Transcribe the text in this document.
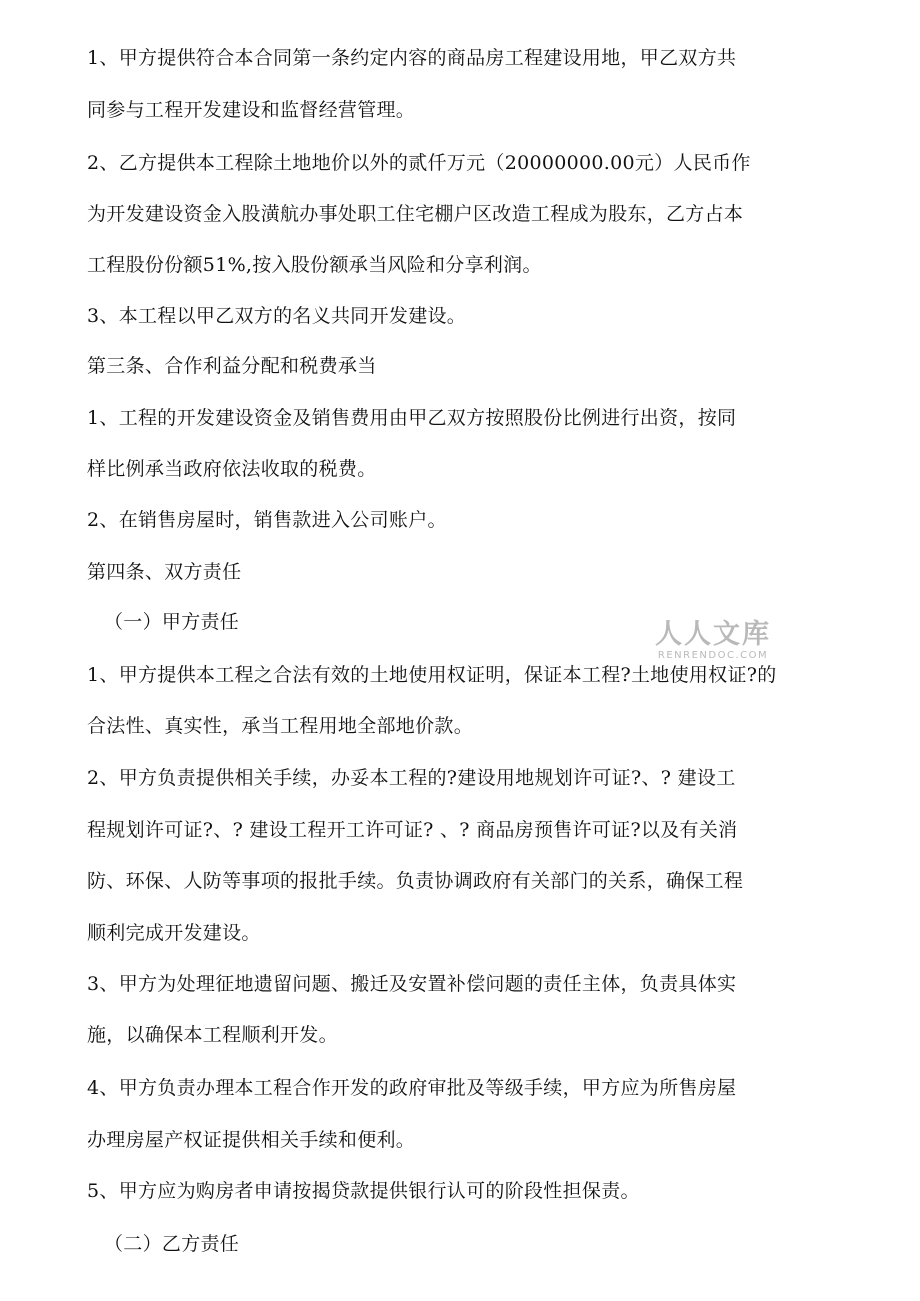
1、甲方提供符合本合同第一条约定内容的商品房工程建设用地，甲乙双方共
同参与工程开发建设和监督经营管理。
2、乙方提供本工程除土地地价以外的贰仟万元（20000000.00元）人民币作
为开发建设资金入股潢航办事处职工住宅棚户区改造工程成为股东，乙方占本
工程股份份额51%,按入股份额承当风险和分享利润。
3、本工程以甲乙双方的名义共同开发建设。
第三条、合作利益分配和税费承当
1、工程的开发建设资金及销售费用由甲乙双方按照股份比例进行出资，按同
样比例承当政府依法收取的税费。
2、在销售房屋时，销售款进入公司账户。
第四条、双方责任
（一）甲方责任
1、甲方提供本工程之合法有效的土地使用权证明，保证本工程?土地使用权证?的
合法性、真实性，承当工程用地全部地价款。
2、甲方负责提供相关手续，办妥本工程的?建设用地规划许可证?、? 建设工
程规划许可证?、? 建设工程开工许可证? 、? 商品房预售许可证?以及有关消
防、环保、人防等事项的报批手续。负责协调政府有关部门的关系，确保工程
顺利完成开发建设。
3、甲方为处理征地遗留问题、搬迁及安置补偿问题的责任主体，负责具体实
施，以确保本工程顺利开发。
4、甲方负责办理本工程合作开发的政府审批及等级手续，甲方应为所售房屋
办理房屋产权证提供相关手续和便利。
5、甲方应为购房者申请按揭贷款提供银行认可的阶段性担保责。
（二）乙方责任
人人文库
RENRENDOC.COM
